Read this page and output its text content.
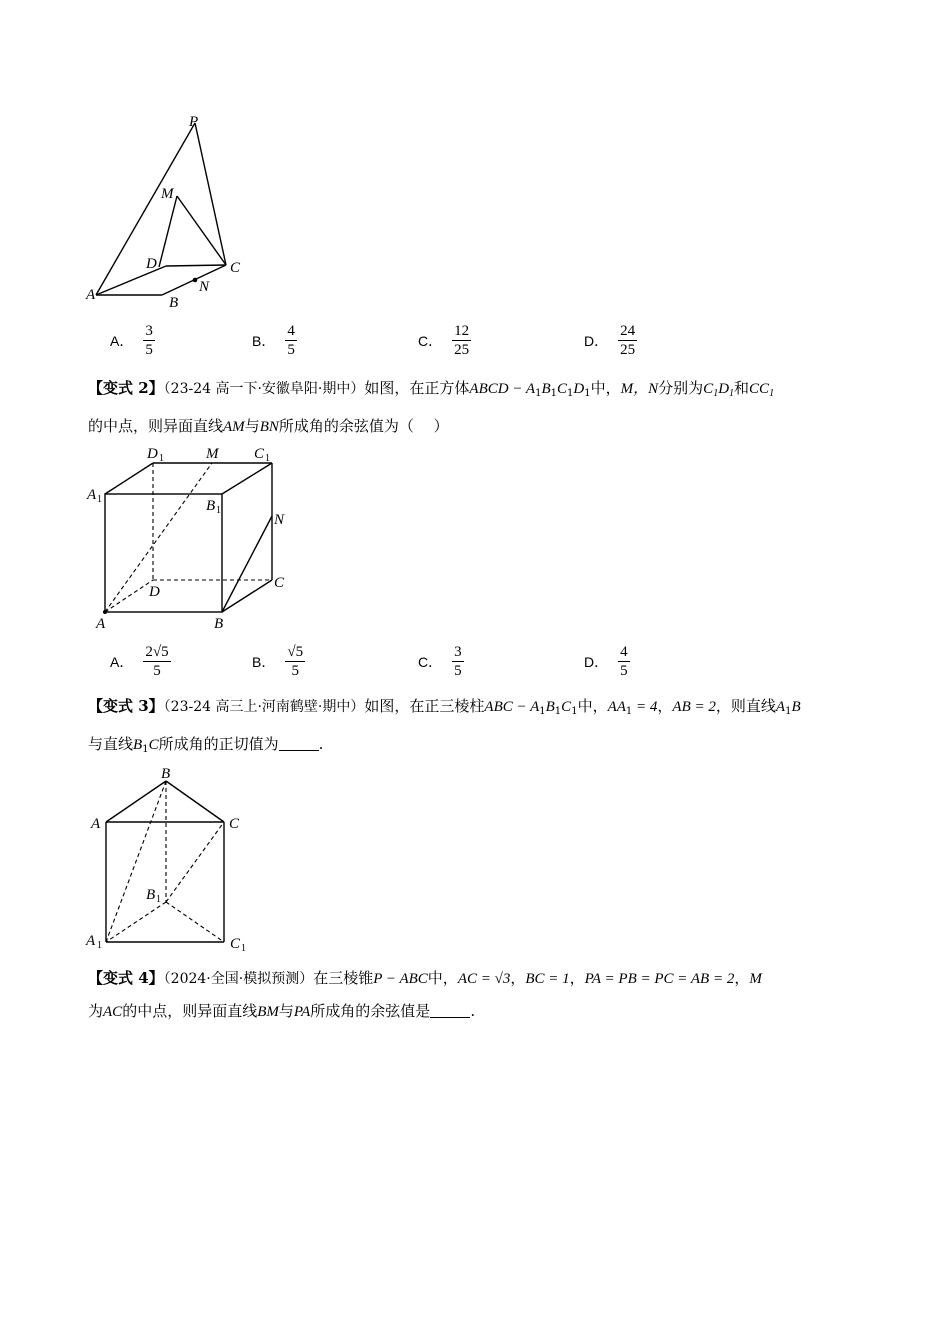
P
M
D	C
A	N
B
A． $\frac{3}{5}$	B． $\frac{4}{5}$	C． $\frac{12}{25}$	D． $\frac{24}{25}$
【变式 2】（23-24 高一下·安徽阜阳·期中）如图，在正方体ABCD − $A_1B_1C_1D_1$中，M，N分别为$C_1D_1$和$CC_1$
的中点，则异面直线AM与BN所成角的余弦值为（　 ）
D 1	M C 1
A 1	B 1
N
D
C
A	B
A． $\frac{2√5}{5}$	B． $\frac{√5}{5}$	C． $\frac{3}{5}$	D． $\frac{4}{5}$
【变式 3】（23-24 高三上·河南鹤壁·期中）如图，在正三棱柱ABC − $A_1B_1C_1$中，$AA_1 = 4$，AB = 2，则直线$A_1B$
与直线$B_1C$所成角的正切值为	.
B
A	C
B 1
A 1	C 1
【变式 4】（2024·全国·模拟预测）在三棱锥P − ABC中，AC = √3，BC = 1，PA = PB = PC = AB = 2，M
为AC的中点，则异面直线BM与PA所成角的余弦值是	.
